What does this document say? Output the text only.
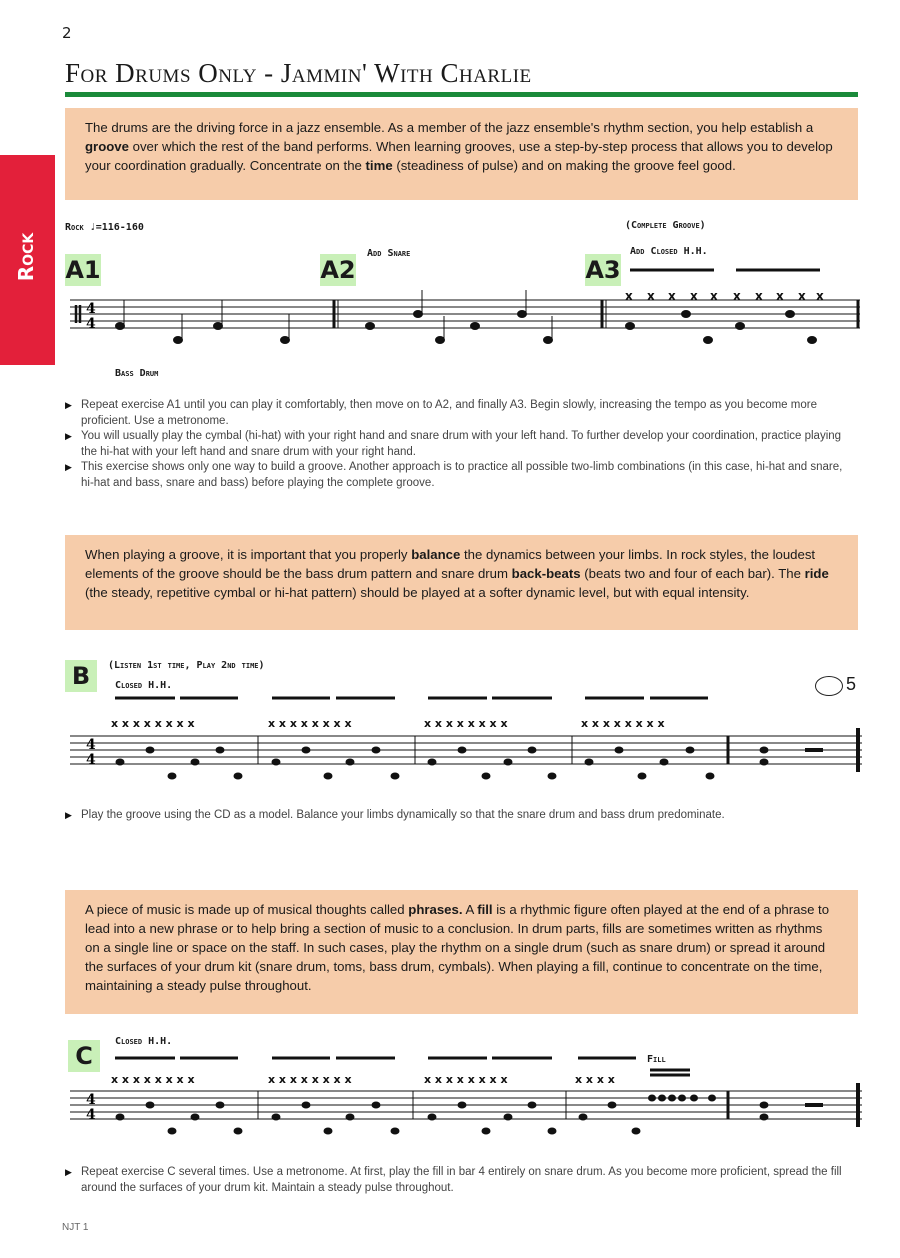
2
For Drums Only - Jammin' With Charlie
Rock
The drums are the driving force in a jazz ensemble. As a member of the jazz ensemble's rhythm section, you help establish a groove over which the rest of the band performs. When learning grooves, use a step-by-step process that allows you to develop your coordination gradually. Concentrate on the time (steadiness of pulse) and on making the groove feel good.
Rock ♩=116-160	(Complete Groove)
A1	A2	A3
Add Snare	Add Closed H.H.
Bass Drum
4
4
x x x x x x x x x x
▶ Repeat exercise A1 until you can play it comfortably, then move on to A2, and finally A3. Begin slowly, increasing the tempo as you become more proficient. Use a metronome.
▶ You will usually play the cymbal (hi-hat) with your right hand and snare drum with your left hand. To further develop your coordination, practice playing the hi-hat with your left hand and snare drum with your right hand.
▶ This exercise shows only one way to build a groove. Another approach is to practice all possible two-limb combinations (in this case, hi-hat and snare, hi-hat and bass, snare and bass) before playing the complete groove.
When playing a groove, it is important that you properly balance the dynamics between your limbs. In rock styles, the loudest elements of the groove should be the bass drum pattern and snare drum back-beats (beats two and four of each bar). The ride (the steady, repetitive cymbal or hi-hat pattern) should be played at a softer dynamic level, but with equal intensity.
B	(Listen 1st time, Play 2nd time)
Closed H.H.	5
4
4
x x x x x x x x	x x x x x x x x	x x x x x x x x	x x x x x x x x
▶ Play the groove using the CD as a model. Balance your limbs dynamically so that the snare drum and bass drum predominate.
A piece of music is made up of musical thoughts called phrases. A fill is a rhythmic figure often played at the end of a phrase to lead into a new phrase or to help bring a section of music to a conclusion. In drum parts, fills are sometimes written as rhythms on a single line or space on the staff. In such cases, play the rhythm on a single drum (such as snare drum) or spread it around the surfaces of your drum kit (snare drum, toms, bass drum, cymbals). When playing a fill, continue to concentrate on the time, maintaining a steady pulse throughout.
C
Closed H.H.
Fill
4
4
x x x x x x x x	x x x x x x x x	x x x x x x x x	x x x x
▶ Repeat exercise C several times. Use a metronome. At first, play the fill in bar 4 entirely on snare drum. As you become more proficient, spread the fill around the surfaces of your drum kit. Maintain a steady pulse throughout.
NJT 1
